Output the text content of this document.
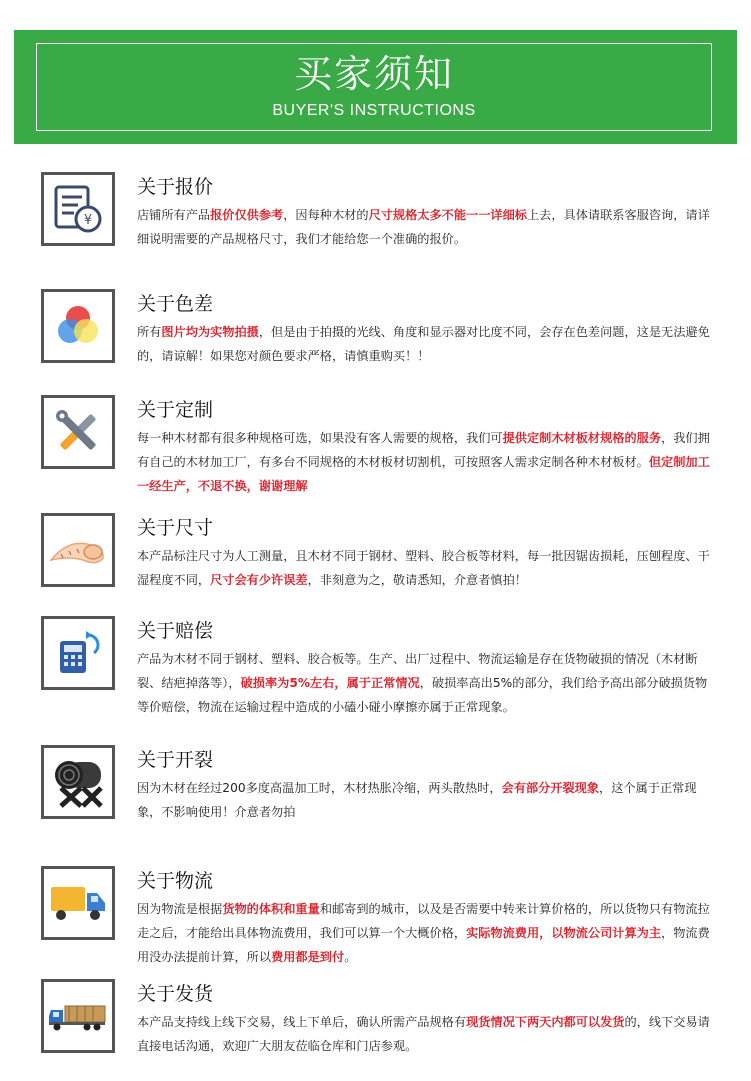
买家须知
BUYER'S INSTRUCTIONS
¥
关于报价
店铺所有产品报价仅供参考，因每种木材的尺寸规格太多不能一一详细标上去，具体请联系客服咨询，请详细说明需要的产品规格尺寸，我们才能给您一个准确的报价。
关于色差
所有图片均为实物拍摄，但是由于拍摄的光线、角度和显示器对比度不同，会存在色差问题，这是无法避免的，请谅解！如果您对颜色要求严格，请慎重购买！！
关于定制
每一种木材都有很多种规格可选，如果没有客人需要的规格，我们可提供定制木材板材规格的服务，我们拥有自己的木材加工厂，有多台不同规格的木材板材切割机，可按照客人需求定制各种木材板材。但定制加工一经生产，不退不换，谢谢理解
关于尺寸
本产品标注尺寸为人工测量，且木材不同于钢材、塑料、胶合板等材料，每一批因锯齿损耗，压刨程度、干湿程度不同，尺寸会有少许误差，非刻意为之，敬请悉知，介意者慎拍！
关于赔偿
产品为木材不同于钢材、塑料、胶合板等。生产、出厂过程中、物流运输是存在货物破损的情况（木材断裂、结疤掉落等），破损率为5%左右，属于正常情况，破损率高出5%的部分，我们给予高出部分破损货物等价赔偿，物流在运输过程中造成的小磕小碰小摩擦亦属于正常现象。
关于开裂
因为木材在经过200多度高温加工时，木材热胀冷缩，两头散热时，会有部分开裂现象，这个属于正常现象，不影响使用！介意者勿拍
关于物流
因为物流是根据货物的体积和重量和邮寄到的城市，以及是否需要中转来计算价格的，所以货物只有物流拉走之后，才能给出具体物流费用，我们可以算一个大概价格，实际物流费用，以物流公司计算为主，物流费用没办法提前计算，所以费用都是到付。
关于发货
本产品支持线上线下交易，线上下单后，确认所需产品规格有现货情况下两天内都可以发货的，线下交易请直接电话沟通，欢迎广大朋友莅临仓库和门店参观。
